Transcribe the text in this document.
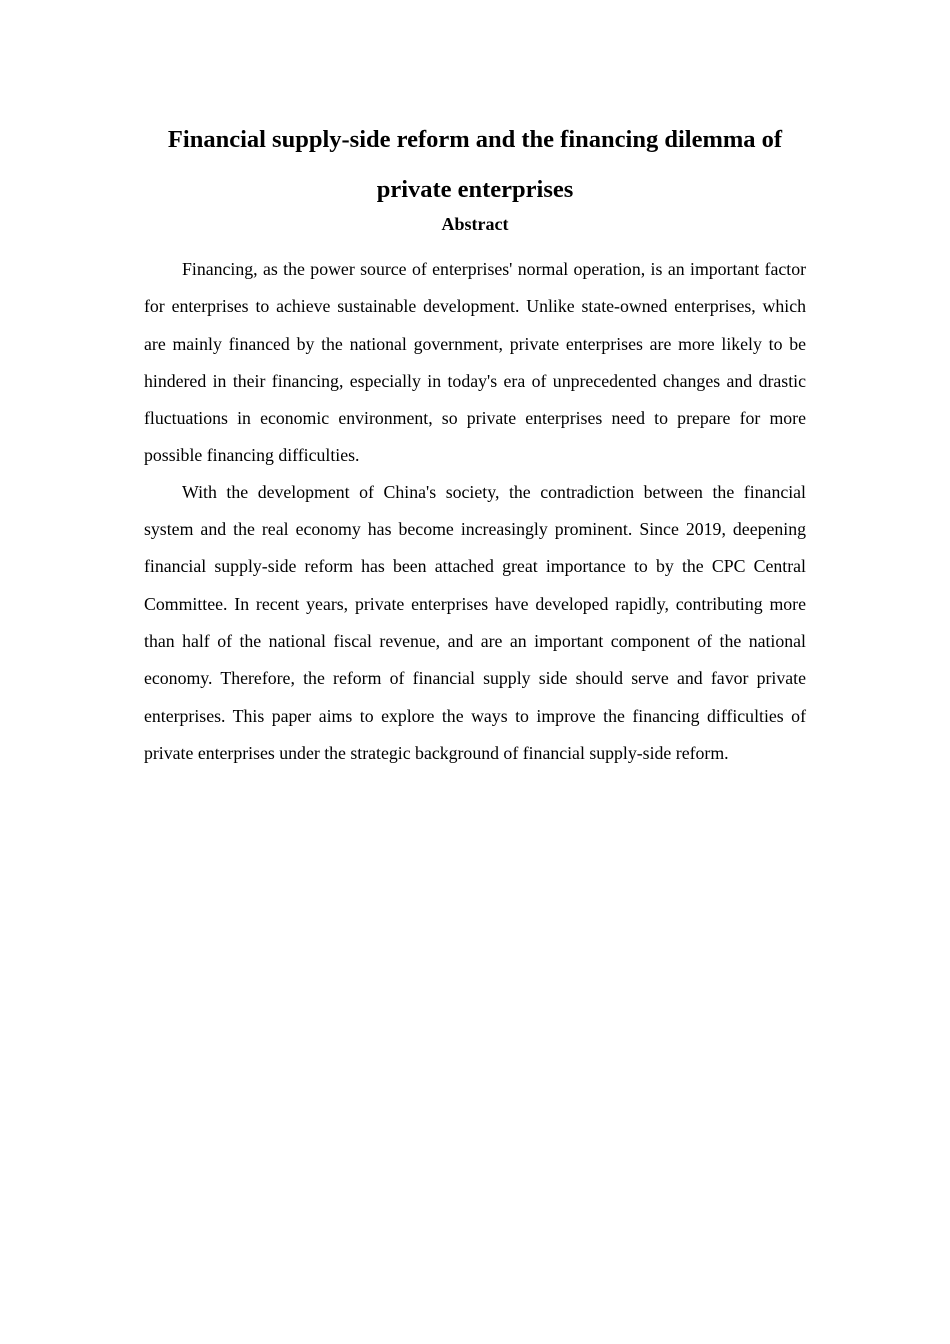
Financial supply-side reform and the financing dilemma of
private enterprises
Abstract

Financing, as the power source of enterprises' normal operation, is an important factor for enterprises to achieve sustainable development. Unlike state-owned enterprises, which are mainly financed by the national government, private enterprises are more likely to be hindered in their financing, especially in today's era of unprecedented changes and drastic fluctuations in economic environment, so private enterprises need to prepare for more possible financing difficulties.

With the development of China's society, the contradiction between the financial system and the real economy has become increasingly prominent. Since 2019, deepening financial supply-side reform has been attached great importance to by the CPC Central Committee. In recent years, private enterprises have developed rapidly, contributing more than half of the national fiscal revenue, and are an important component of the national economy. Therefore, the reform of financial supply side should serve and favor private enterprises. This paper aims to explore the ways to improve the financing difficulties of private enterprises under the strategic background of financial supply-side reform.
